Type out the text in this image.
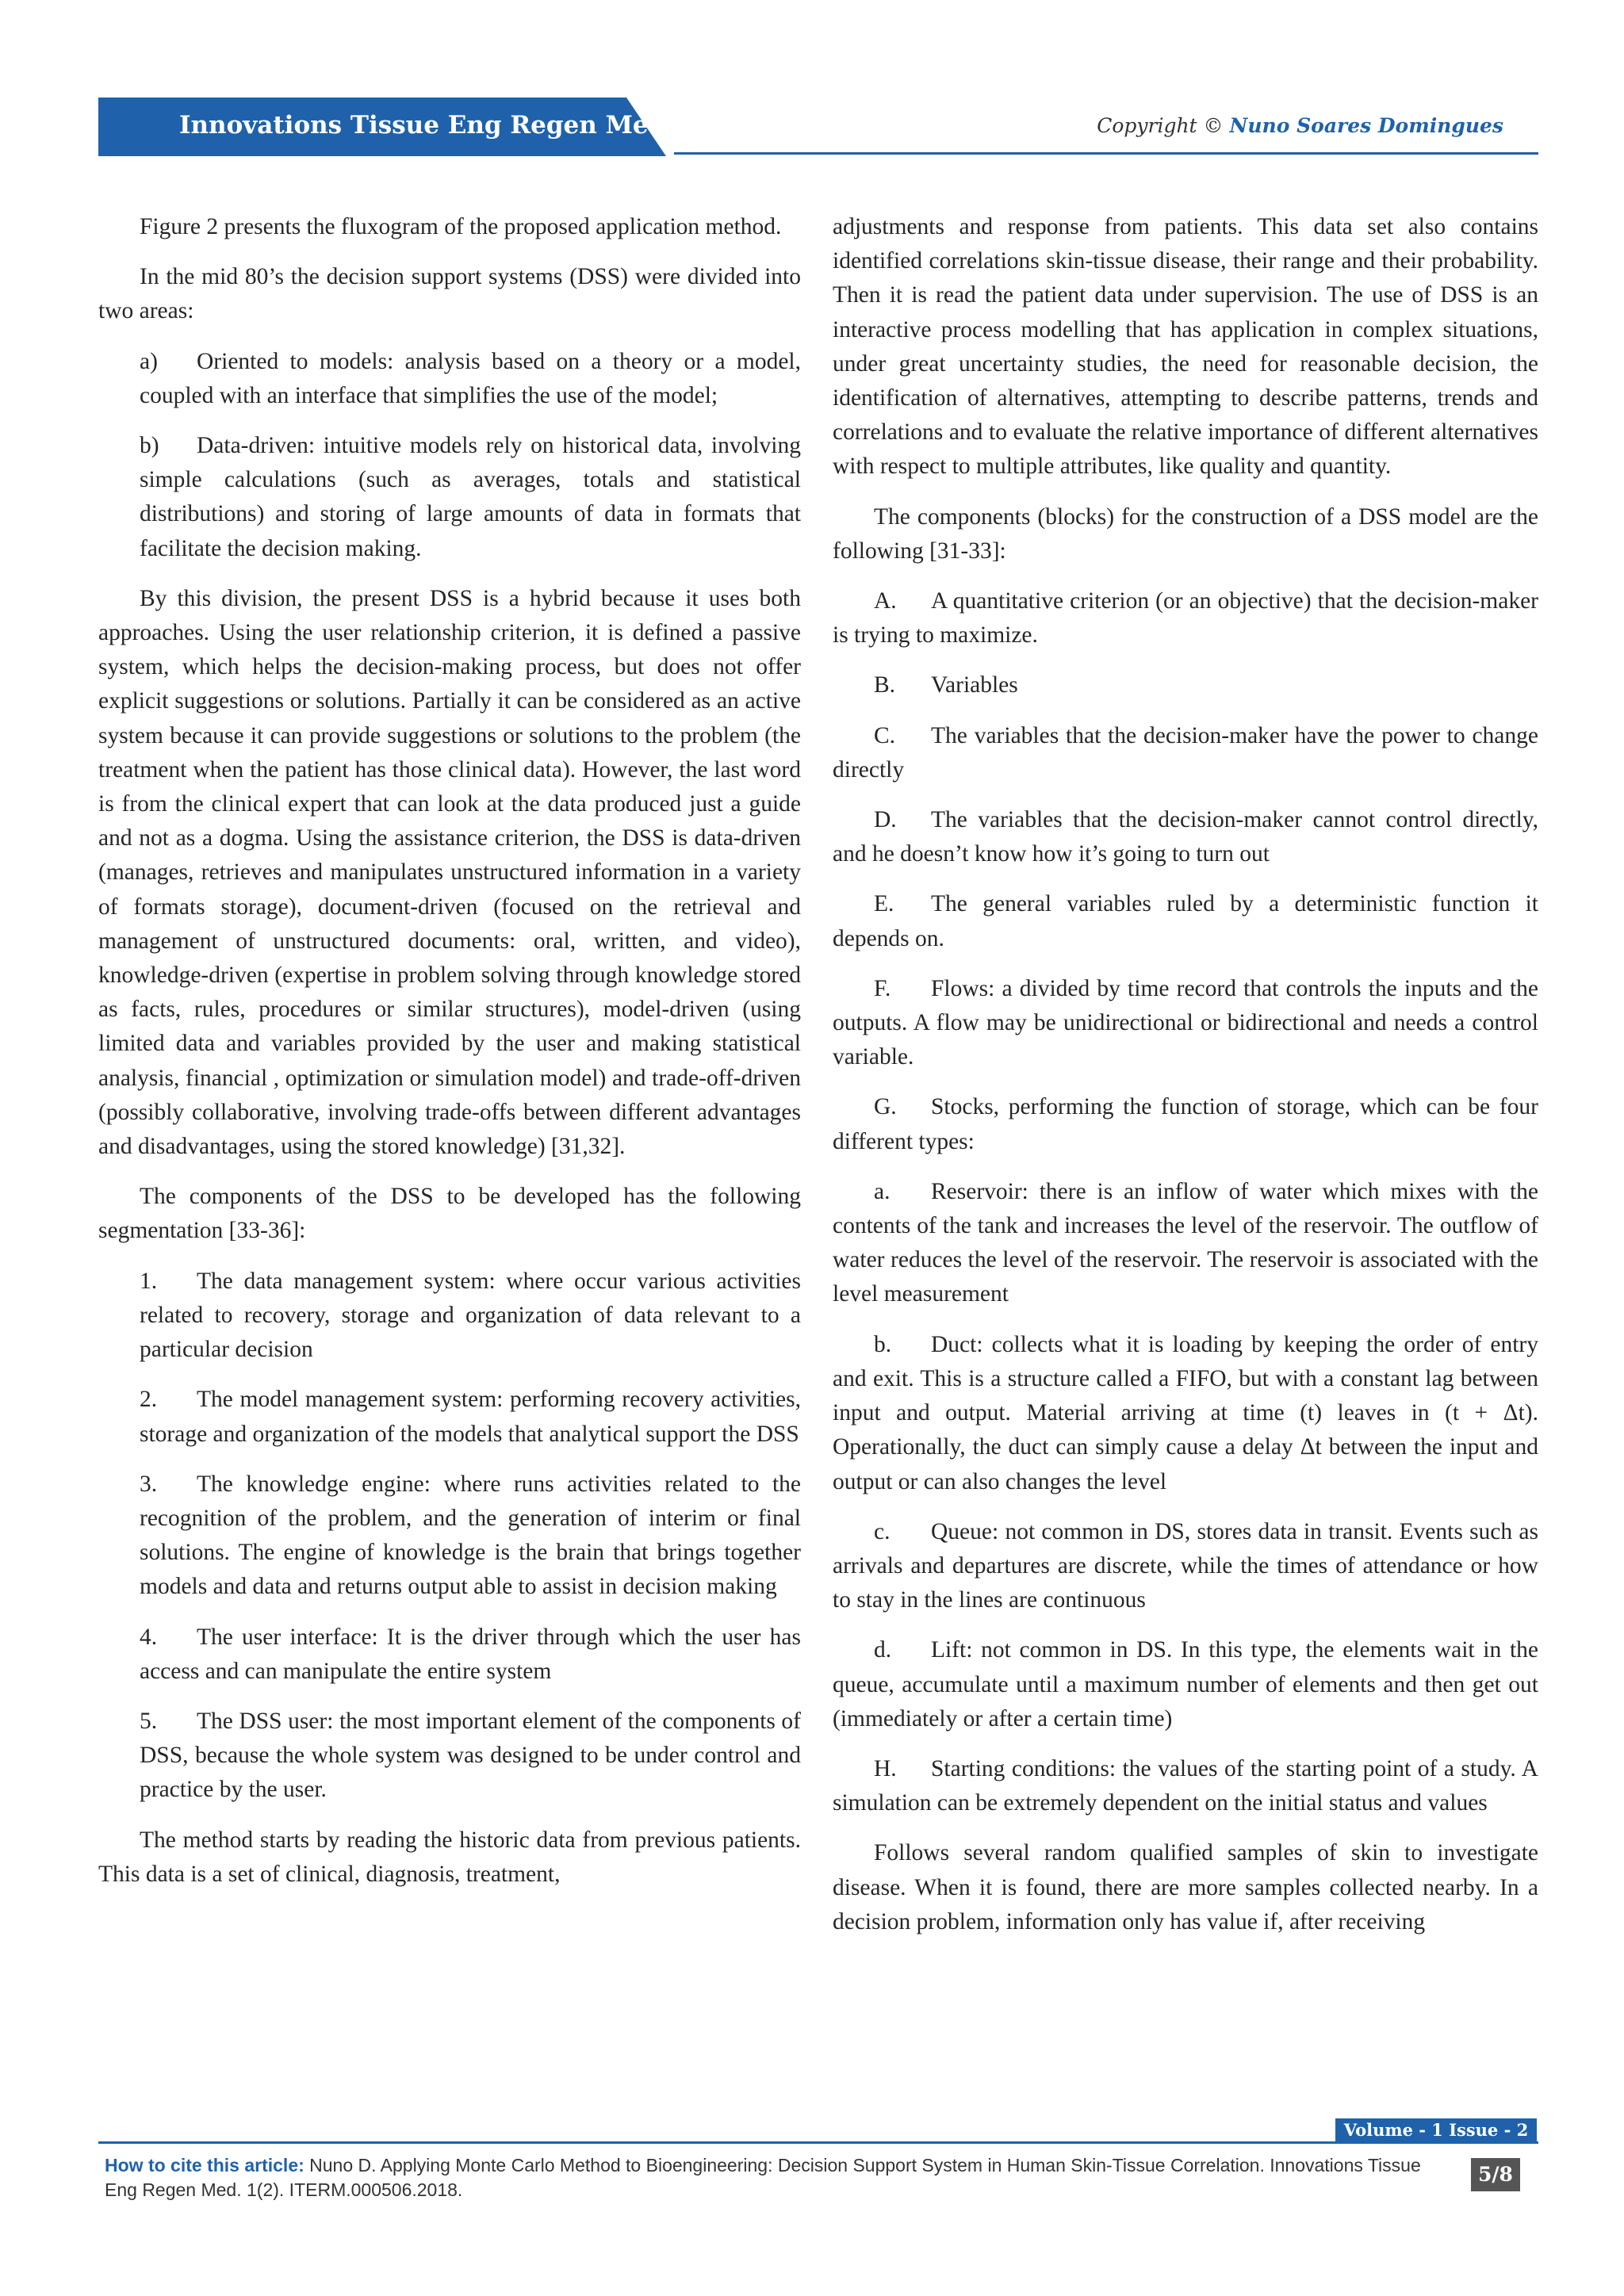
Innovations Tissue Eng Regen Med	Copyright © Nuno Soares Domingues

Figure 2 presents the fluxogram of the proposed application method.

In the mid 80’s the decision support systems (DSS) were divided into two areas:

a) Oriented to models: analysis based on a theory or a model, coupled with an interface that simplifies the use of the model;

b) Data-driven: intuitive models rely on historical data, involving simple calculations (such as averages, totals and statistical distributions) and storing of large amounts of data in formats that facilitate the decision making.

By this division, the present DSS is a hybrid because it uses both approaches. Using the user relationship criterion, it is defined a passive system, which helps the decision-making process, but does not offer explicit suggestions or solutions. Partially it can be considered as an active system because it can provide suggestions or solutions to the problem (the treatment when the patient has those clinical data). However, the last word is from the clinical expert that can look at the data produced just a guide and not as a dogma. Using the assistance criterion, the DSS is data-driven (manages, retrieves and manipulates unstructured information in a variety of formats storage), document-driven (focused on the retrieval and management of unstructured documents: oral, written, and video), knowledge-driven (expertise in problem solving through knowledge stored as facts, rules, procedures or similar structures), model-driven (using limited data and variables provided by the user and making statistical analysis, financial , optimization or simulation model) and trade-off-driven (possibly collaborative, involving trade-offs between different advantages and disadvantages, using the stored knowledge) [31,32].

The components of the DSS to be developed has the following segmentation [33-36]:

1. The data management system: where occur various activities related to recovery, storage and organization of data relevant to a particular decision

2. The model management system: performing recovery activities, storage and organization of the models that analytical support the DSS

3. The knowledge engine: where runs activities related to the recognition of the problem, and the generation of interim or final solutions. The engine of knowledge is the brain that brings together models and data and returns output able to assist in decision making

4. The user interface: It is the driver through which the user has access and can manipulate the entire system

5. The DSS user: the most important element of the components of DSS, because the whole system was designed to be under control and practice by the user.

The method starts by reading the historic data from previous patients. This data is a set of clinical, diagnosis, treatment,

adjustments and response from patients. This data set also contains identified correlations skin-tissue disease, their range and their probability. Then it is read the patient data under supervision. The use of DSS is an interactive process modelling that has application in complex situations, under great uncertainty studies, the need for reasonable decision, the identification of alternatives, attempting to describe patterns, trends and correlations and to evaluate the relative importance of different alternatives with respect to multiple attributes, like quality and quantity.

The components (blocks) for the construction of a DSS model are the following [31-33]:

A. A quantitative criterion (or an objective) that the decision-maker is trying to maximize.

B. Variables

C. The variables that the decision-maker have the power to change directly

D. The variables that the decision-maker cannot control directly, and he doesn’t know how it’s going to turn out

E. The general variables ruled by a deterministic function it depends on.

F. Flows: a divided by time record that controls the inputs and the outputs. A flow may be unidirectional or bidirectional and needs a control variable.

G. Stocks, performing the function of storage, which can be four different types:

a. Reservoir: there is an inflow of water which mixes with the contents of the tank and increases the level of the reservoir. The outflow of water reduces the level of the reservoir. The reservoir is associated with the level measurement

b. Duct: collects what it is loading by keeping the order of entry and exit. This is a structure called a FIFO, but with a constant lag between input and output. Material arriving at time (t) leaves in (t + Δt). Operationally, the duct can simply cause a delay Δt between the input and output or can also changes the level

c. Queue: not common in DS, stores data in transit. Events such as arrivals and departures are discrete, while the times of attendance or how to stay in the lines are continuous

d. Lift: not common in DS. In this type, the elements wait in the queue, accumulate until a maximum number of elements and then get out (immediately or after a certain time)

H. Starting conditions: the values of the starting point of a study. A simulation can be extremely dependent on the initial status and values

Follows several random qualified samples of skin to investigate disease. When it is found, there are more samples collected nearby. In a decision problem, information only has value if, after receiving

Volume - 1 Issue - 2
How to cite this article: Nuno D. Applying Monte Carlo Method to Bioengineering: Decision Support System in Human Skin-Tissue Correlation. Innovations Tissue Eng Regen Med. 1(2). ITERM.000506.2018.
5/8
